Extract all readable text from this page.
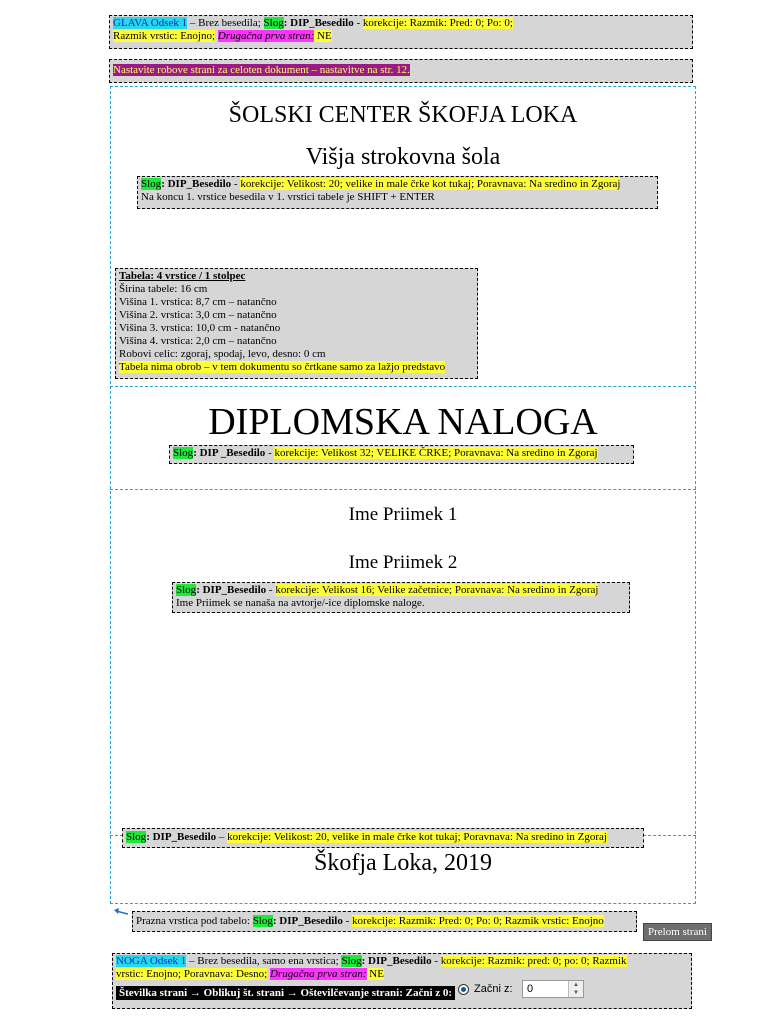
GLAVA Odsek 1 – Brez besedila; Slog: DIP_Besedilo - korekcije: Razmik: Pred: 0; Po: 0;
Razmik vrstic: Enojno; Drugačna prva stran: NE
Nastavite robove strani za celoten dokument – nastavitve na str. 12.
ŠOLSKI CENTER ŠKOFJA LOKA
Višja strokovna šola
Slog: DIP_Besedilo - korekcije: Velikost: 20; velike in male črke kot tukaj; Poravnava: Na sredino in Zgoraj
Na koncu 1. vrstice besedila v 1. vrstici tabele je SHIFT + ENTER
Tabela: 4 vrstice / 1 stolpec
Širina tabele: 16 cm
Višina 1. vrstica: 8,7 cm – natančno
Višina 2. vrstica: 3,0 cm – natančno
Višina 3. vrstica: 10,0 cm - natančno
Višina 4. vrstica: 2,0 cm – natančno
Robovi celic: zgoraj, spodaj, levo, desno: 0 cm
Tabela nima obrob – v tem dokumentu so črtkane samo za lažjo predstavo
DIPLOMSKA NALOGA
Slog: DIP _Besedilo - korekcije: Velikost 32; VELIKE ČRKE; Poravnava: Na sredino in Zgoraj
Ime Priimek 1
Ime Priimek 2
Slog: DIP_Besedilo - korekcije: Velikost 16; Velike začetnice; Poravnava: Na sredino in Zgoraj
Ime Priimek se nanaša na avtorje/-ice diplomske naloge.
Slog: DIP_Besedilo – korekcije: Velikost: 20, velike in male črke kot tukaj; Poravnava: Na sredino in Zgoraj
Škofja Loka, 2019
Prazna vrstica pod tabelo: Slog: DIP_Besedilo - korekcije: Razmik: Pred: 0; Po: 0; Razmik vrstic: Enojno
Prelom strani
NOGA Odsek 1 – Brez besedila, samo ena vrstica; Slog: DIP_Besedilo - korekcije: Razmik: pred: 0; po: 0; Razmik
vrstic: Enojno; Poravnava: Desno; Drugačna prva stran: NE
Številka strani → Oblikuj št. strani → Oštevilčevanje strani: Začni z 0:	Začni z: 0	▲
▼
